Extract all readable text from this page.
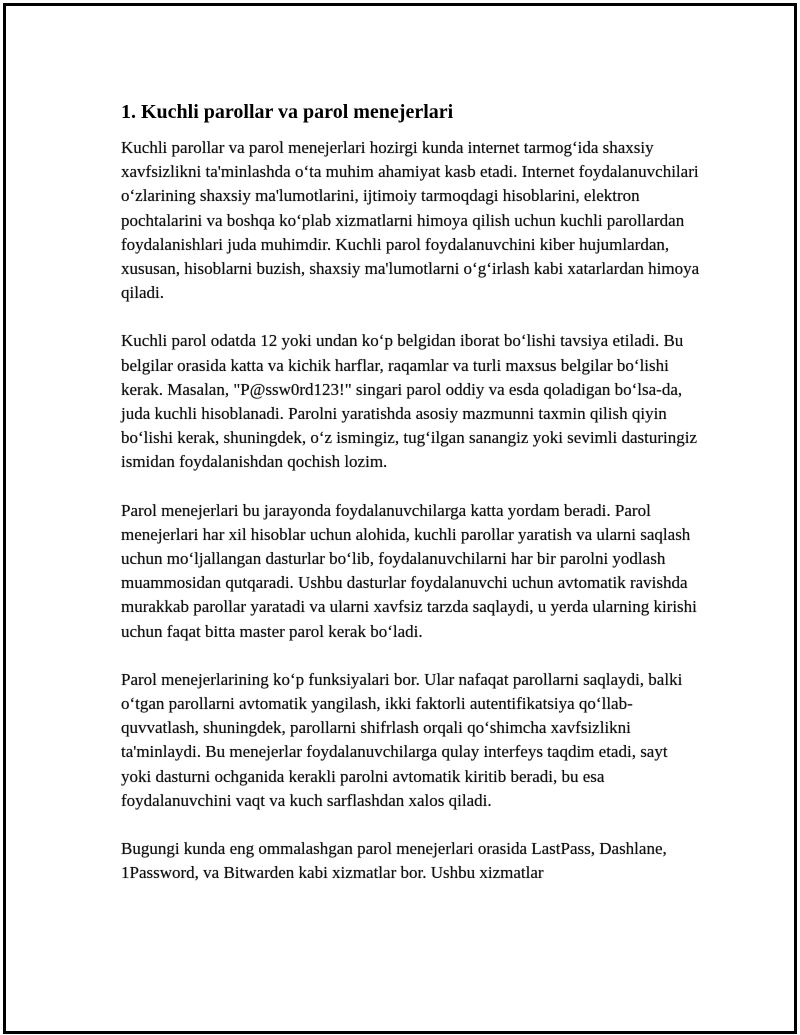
1. Kuchli parollar va parol menejerlari

Kuchli parollar va parol menejerlari hozirgi kunda internet tarmog‘ida shaxsiy xavfsizlikni ta'minlashda o‘ta muhim ahamiyat kasb etadi. Internet foydalanuvchilari o‘zlarining shaxsiy ma'lumotlarini, ijtimoiy tarmoqdagi hisoblarini, elektron pochtalarini va boshqa ko‘plab xizmatlarni himoya qilish uchun kuchli parollardan foydalanishlari juda muhimdir. Kuchli parol foydalanuvchini kiber hujumlardan, xususan, hisoblarni buzish, shaxsiy ma'lumotlarni o‘g‘irlash kabi xatarlardan himoya qiladi.

Kuchli parol odatda 12 yoki undan ko‘p belgidan iborat bo‘lishi tavsiya etiladi. Bu belgilar orasida katta va kichik harflar, raqamlar va turli maxsus belgilar bo‘lishi kerak. Masalan, "P@ssw0rd123!" singari parol oddiy va esda qoladigan bo‘lsa-da, juda kuchli hisoblanadi. Parolni yaratishda asosiy mazmunni taxmin qilish qiyin bo‘lishi kerak, shuningdek, o‘z ismingiz, tug‘ilgan sanangiz yoki sevimli dasturingiz ismidan foydalanishdan qochish lozim.

Parol menejerlari bu jarayonda foydalanuvchilarga katta yordam beradi. Parol menejerlari har xil hisoblar uchun alohida, kuchli parollar yaratish va ularni saqlash uchun mo‘ljallangan dasturlar bo‘lib, foydalanuvchilarni har bir parolni yodlash muammosidan qutqaradi. Ushbu dasturlar foydalanuvchi uchun avtomatik ravishda murakkab parollar yaratadi va ularni xavfsiz tarzda saqlaydi, u yerda ularning kirishi uchun faqat bitta master parol kerak bo‘ladi.

Parol menejerlarining ko‘p funksiyalari bor. Ular nafaqat parollarni saqlaydi, balki o‘tgan parollarni avtomatik yangilash, ikki faktorli autentifikatsiya qo‘llab-quvvatlash, shuningdek, parollarni shifrlash orqali qo‘shimcha xavfsizlikni ta'minlaydi. Bu menejerlar foydalanuvchilarga qulay interfeys taqdim etadi, sayt yoki dasturni ochganida kerakli parolni avtomatik kiritib beradi, bu esa foydalanuvchini vaqt va kuch sarflashdan xalos qiladi.

Bugungi kunda eng ommalashgan parol menejerlari orasida LastPass, Dashlane, 1Password, va Bitwarden kabi xizmatlar bor. Ushbu xizmatlar
